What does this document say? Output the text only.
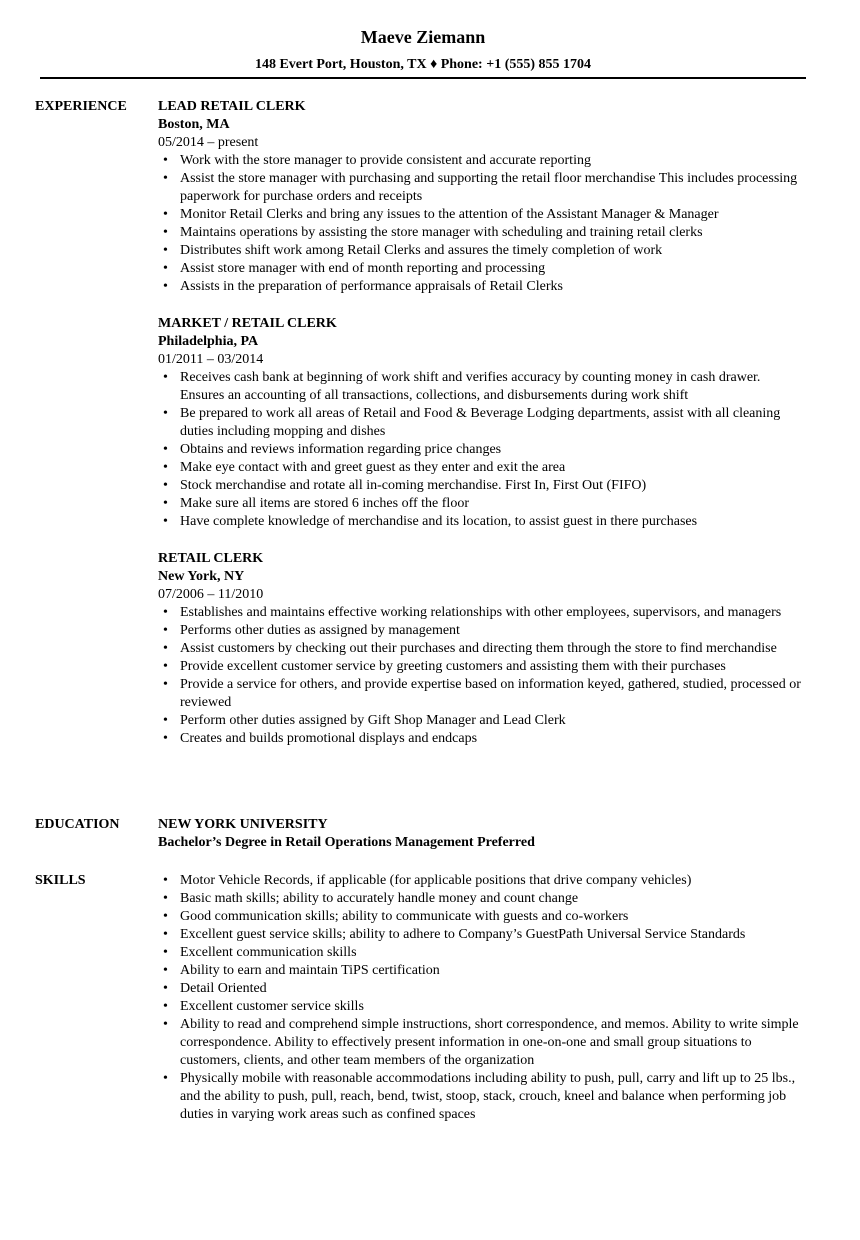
Maeve Ziemann
148 Evert Port, Houston, TX ♦ Phone: +1 (555) 855 1704
EXPERIENCE LEAD RETAIL CLERK
Boston, MA
05/2014 – present
• Work with the store manager to provide consistent and accurate reporting
• Assist the store manager with purchasing and supporting the retail floor merchandise This includes processing paperwork for purchase orders and receipts
• Monitor Retail Clerks and bring any issues to the attention of the Assistant Manager & Manager
• Maintains operations by assisting the store manager with scheduling and training retail clerks
• Distributes shift work among Retail Clerks and assures the timely completion of work
• Assist store manager with end of month reporting and processing
• Assists in the preparation of performance appraisals of Retail Clerks
MARKET / RETAIL CLERK
Philadelphia, PA
01/2011 – 03/2014
• Receives cash bank at beginning of work shift and verifies accuracy by counting money in cash drawer. Ensures an accounting of all transactions, collections, and disbursements during work shift
• Be prepared to work all areas of Retail and Food & Beverage Lodging departments, assist with all cleaning duties including mopping and dishes
• Obtains and reviews information regarding price changes
• Make eye contact with and greet guest as they enter and exit the area
• Stock merchandise and rotate all in-coming merchandise. First In, First Out (FIFO)
• Make sure all items are stored 6 inches off the floor
• Have complete knowledge of merchandise and its location, to assist guest in there purchases
RETAIL CLERK
New York, NY
07/2006 – 11/2010
• Establishes and maintains effective working relationships with other employees, supervisors, and managers
• Performs other duties as assigned by management
• Assist customers by checking out their purchases and directing them through the store to find merchandise
• Provide excellent customer service by greeting customers and assisting them with their purchases
• Provide a service for others, and provide expertise based on information keyed, gathered, studied, processed or reviewed
• Perform other duties assigned by Gift Shop Manager and Lead Clerk
• Creates and builds promotional displays and endcaps
EDUCATION	NEW YORK UNIVERSITY
Bachelor’s Degree in Retail Operations Management Preferred
SKILLS	• Motor Vehicle Records, if applicable (for applicable positions that drive company vehicles)
• Basic math skills; ability to accurately handle money and count change
• Good communication skills; ability to communicate with guests and co-workers
• Excellent guest service skills; ability to adhere to Company’s GuestPath Universal Service Standards
• Excellent communication skills
• Ability to earn and maintain TiPS certification
• Detail Oriented
• Excellent customer service skills
• Ability to read and comprehend simple instructions, short correspondence, and memos. Ability to write simple correspondence. Ability to effectively present information in one-on-one and small group situations to customers, clients, and other team members of the organization
• Physically mobile with reasonable accommodations including ability to push, pull, carry and lift up to 25 lbs., and the ability to push, pull, reach, bend, twist, stoop, stack, crouch, kneel and balance when performing job duties in varying work areas such as confined spaces
